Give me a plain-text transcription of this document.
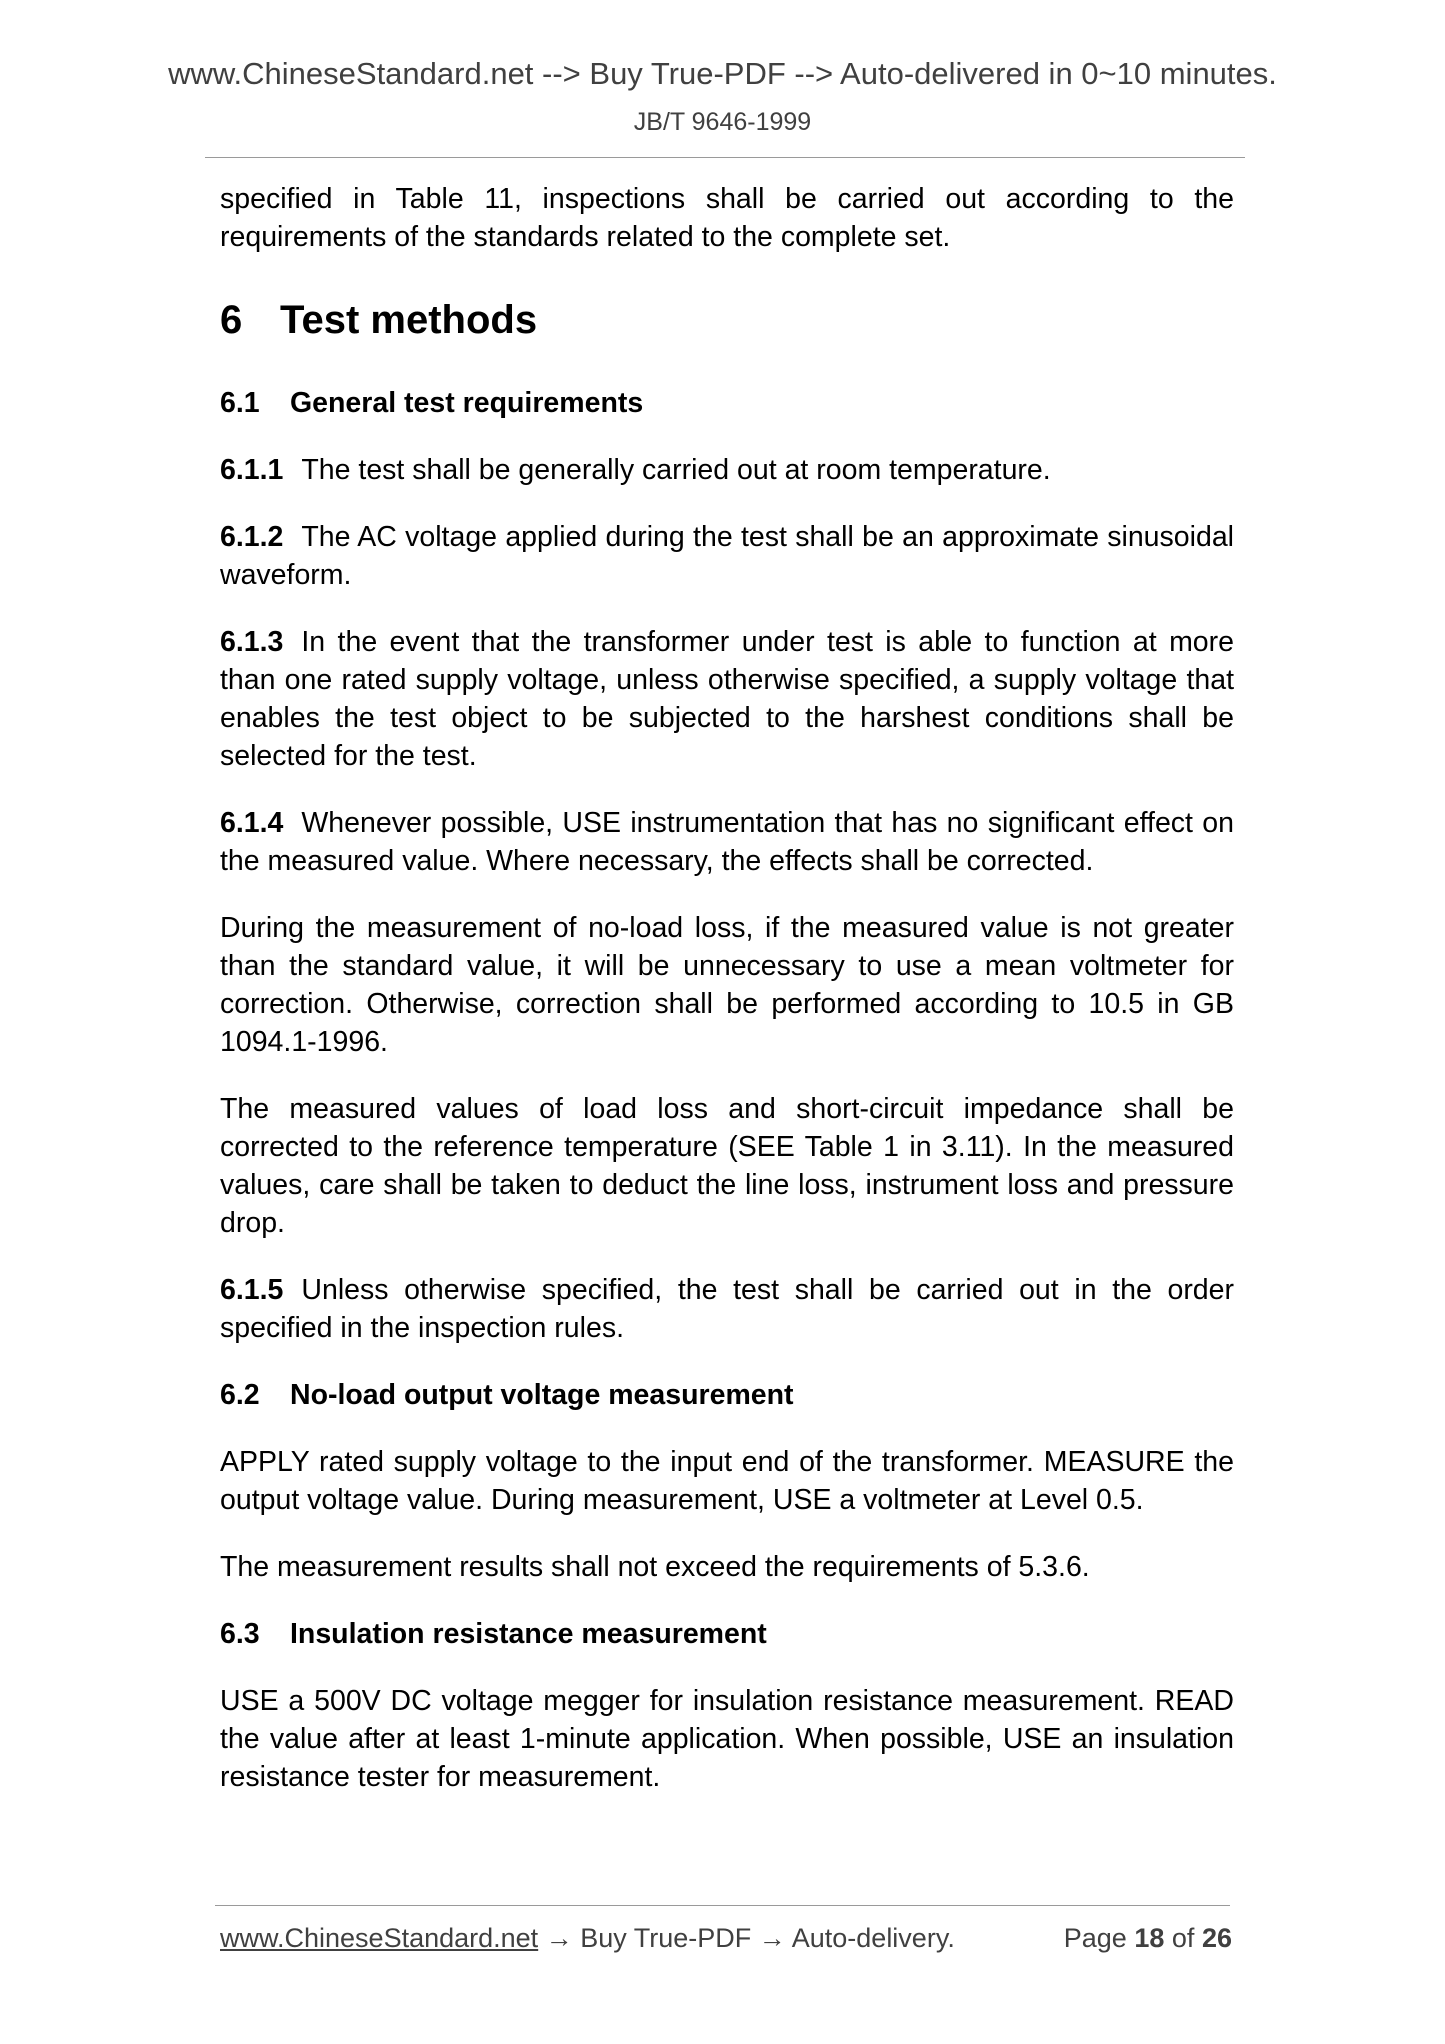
www.ChineseStandard.net --> Buy True-PDF --> Auto-delivered in 0~10 minutes.
JB/T 9646-1999

specified in Table 11, inspections shall be carried out according to the requirements of the standards related to the complete set.

6 Test methods

6.1 General test requirements

6.1.1 The test shall be generally carried out at room temperature.

6.1.2 The AC voltage applied during the test shall be an approximate sinusoidal waveform.

6.1.3 In the event that the transformer under test is able to function at more than one rated supply voltage, unless otherwise specified, a supply voltage that enables the test object to be subjected to the harshest conditions shall be selected for the test.

6.1.4 Whenever possible, USE instrumentation that has no significant effect on the measured value. Where necessary, the effects shall be corrected.

During the measurement of no-load loss, if the measured value is not greater than the standard value, it will be unnecessary to use a mean voltmeter for correction. Otherwise, correction shall be performed according to 10.5 in GB 1094.1-1996.

The measured values of load loss and short-circuit impedance shall be corrected to the reference temperature (SEE Table 1 in 3.11). In the measured values, care shall be taken to deduct the line loss, instrument loss and pressure drop.

6.1.5 Unless otherwise specified, the test shall be carried out in the order specified in the inspection rules.

6.2 No-load output voltage measurement

APPLY rated supply voltage to the input end of the transformer. MEASURE the output voltage value. During measurement, USE a voltmeter at Level 0.5.

The measurement results shall not exceed the requirements of 5.3.6.

6.3 Insulation resistance measurement

USE a 500V DC voltage megger for insulation resistance measurement. READ the value after at least 1-minute application. When possible, USE an insulation resistance tester for measurement.

www.ChineseStandard.net → Buy True-PDF → Auto-delivery.	Page 18 of 26
